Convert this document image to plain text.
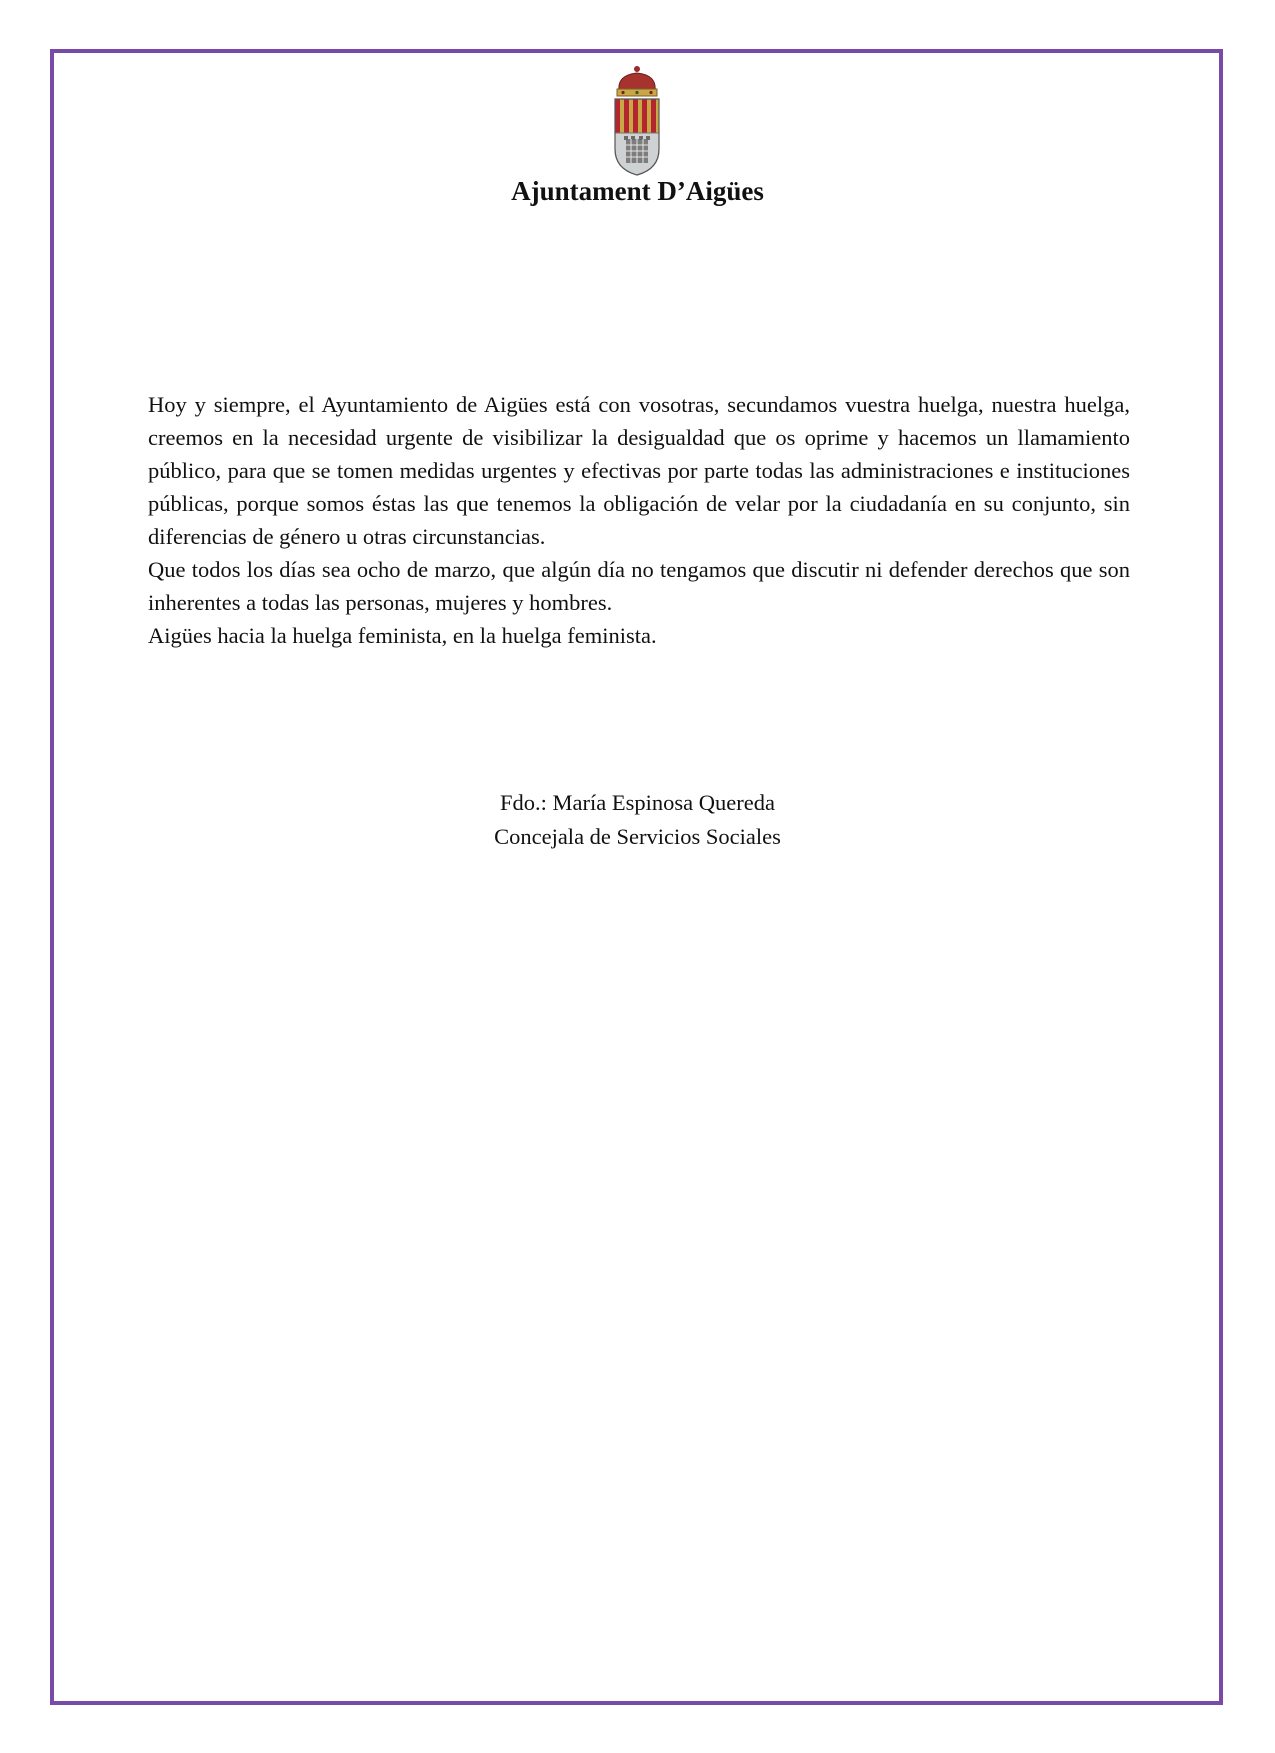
Ajuntament D’Aigües

Hoy y siempre, el Ayuntamiento de Aigües está con vosotras, secundamos vuestra huelga, nuestra huelga, creemos en la necesidad urgente de visibilizar la desigualdad que os oprime y hacemos un llamamiento público, para que se tomen medidas urgentes y efectivas por parte todas las administraciones e instituciones públicas, porque somos éstas las que tenemos la obligación de velar por la ciudadanía en su conjunto, sin diferencias de género u otras circunstancias.

Que todos los días sea ocho de marzo, que algún día no tengamos que discutir ni defender derechos que son inherentes a todas las personas, mujeres y hombres.

Aigües hacia la huelga feminista, en la huelga feminista.

Fdo.: María Espinosa Quereda
Concejala de Servicios Sociales
